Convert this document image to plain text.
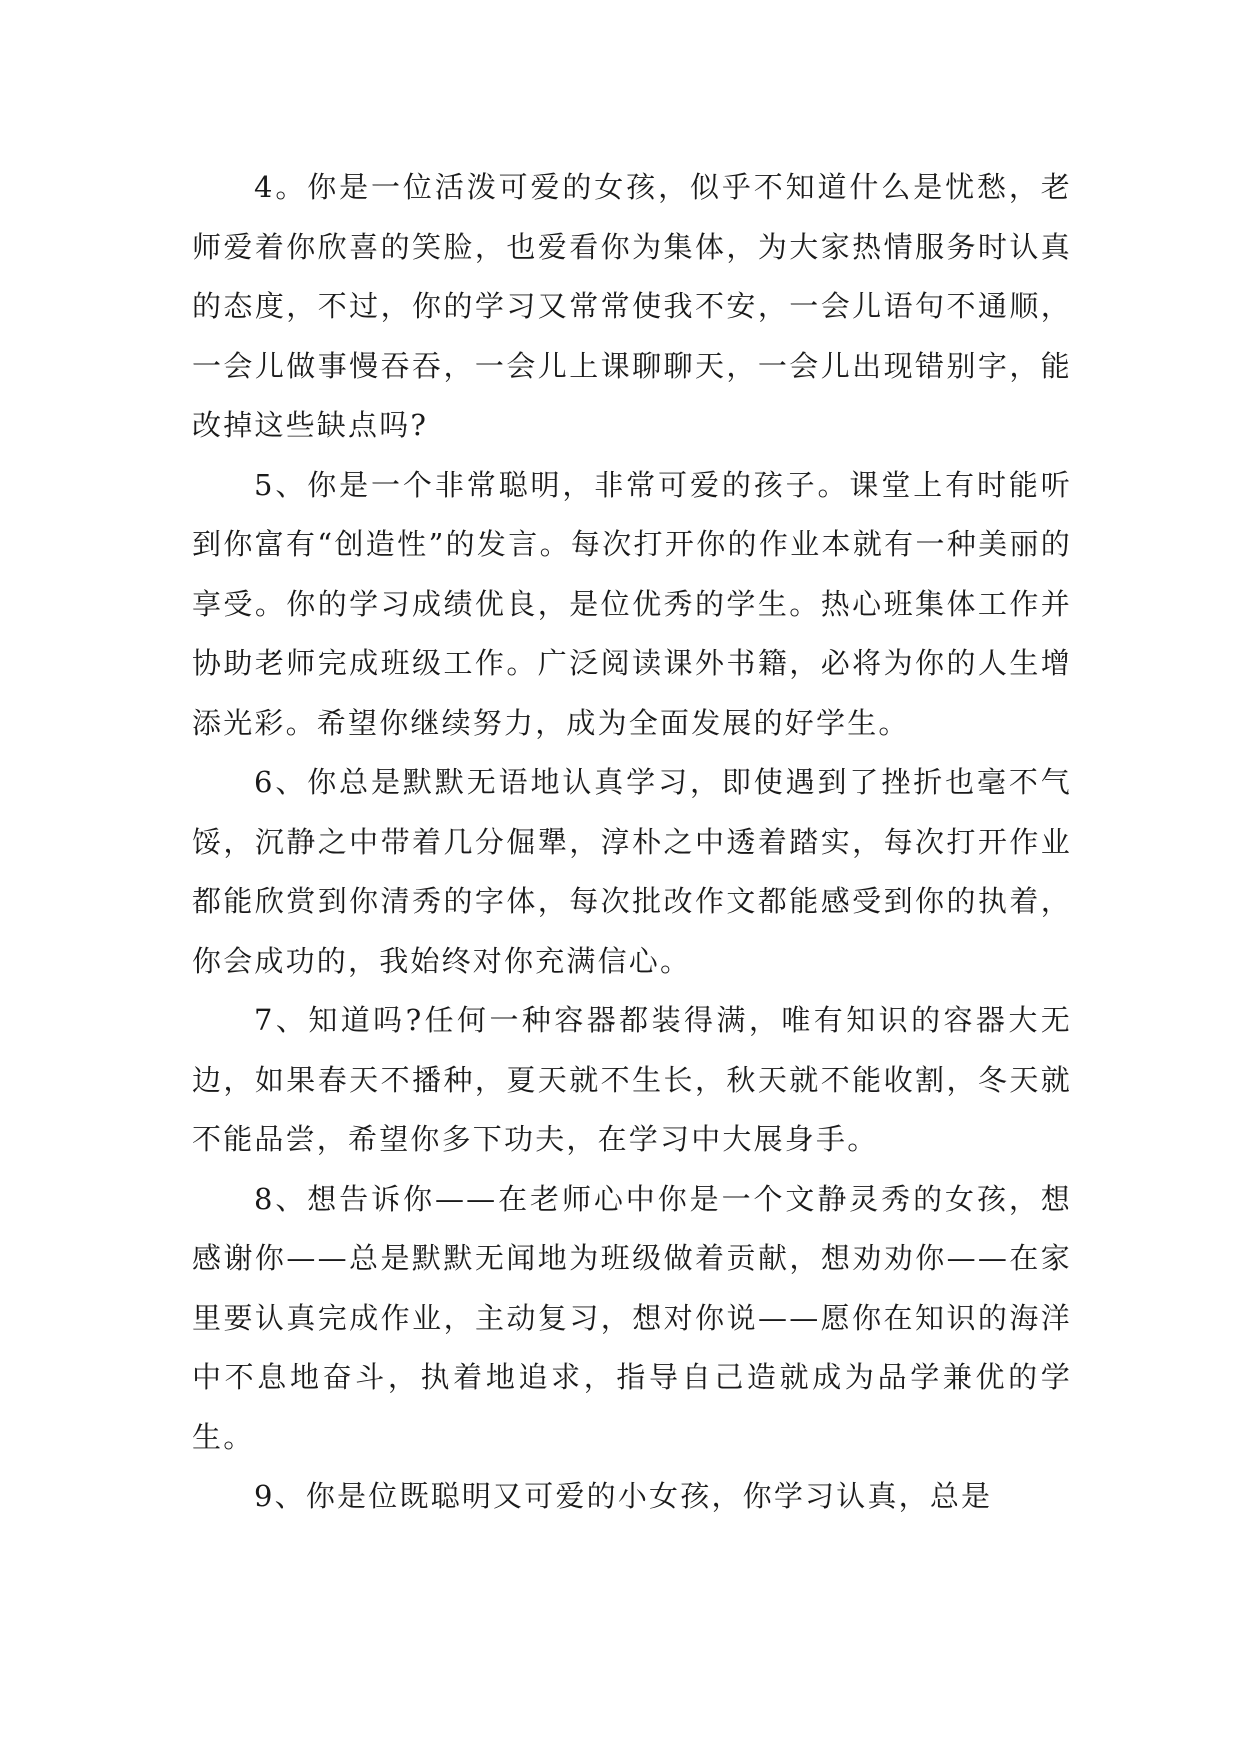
4。你是一位活泼可爱的女孩，似乎不知道什么是忧愁，老师爱着你欣喜的笑脸，也爱看你为集体，为大家热情服务时认真的态度，不过，你的学习又常常使我不安，一会儿语句不通顺，一会儿做事慢吞吞，一会儿上课聊聊天，一会儿出现错别字，能改掉这些缺点吗?

5、你是一个非常聪明，非常可爱的孩子。课堂上有时能听到你富有“创造性”的发言。每次打开你的作业本就有一种美丽的享受。你的学习成绩优良，是位优秀的学生。热心班集体工作并协助老师完成班级工作。广泛阅读课外书籍，必将为你的人生增添光彩。希望你继续努力，成为全面发展的好学生。

6、你总是默默无语地认真学习，即使遇到了挫折也毫不气馁，沉静之中带着几分倔犟，淳朴之中透着踏实，每次打开作业都能欣赏到你清秀的字体，每次批改作文都能感受到你的执着，你会成功的，我始终对你充满信心。

7、知道吗?任何一种容器都装得满，唯有知识的容器大无边，如果春天不播种，夏天就不生长，秋天就不能收割，冬天就不能品尝，希望你多下功夫，在学习中大展身手。

8、想告诉你——在老师心中你是一个文静灵秀的女孩，想感谢你——总是默默无闻地为班级做着贡献，想劝劝你——在家里要认真完成作业，主动复习，想对你说——愿你在知识的海洋中不息地奋斗，执着地追求，指导自己造就成为品学兼优的学生。

9、你是位既聪明又可爱的小女孩，你学习认真，总是
